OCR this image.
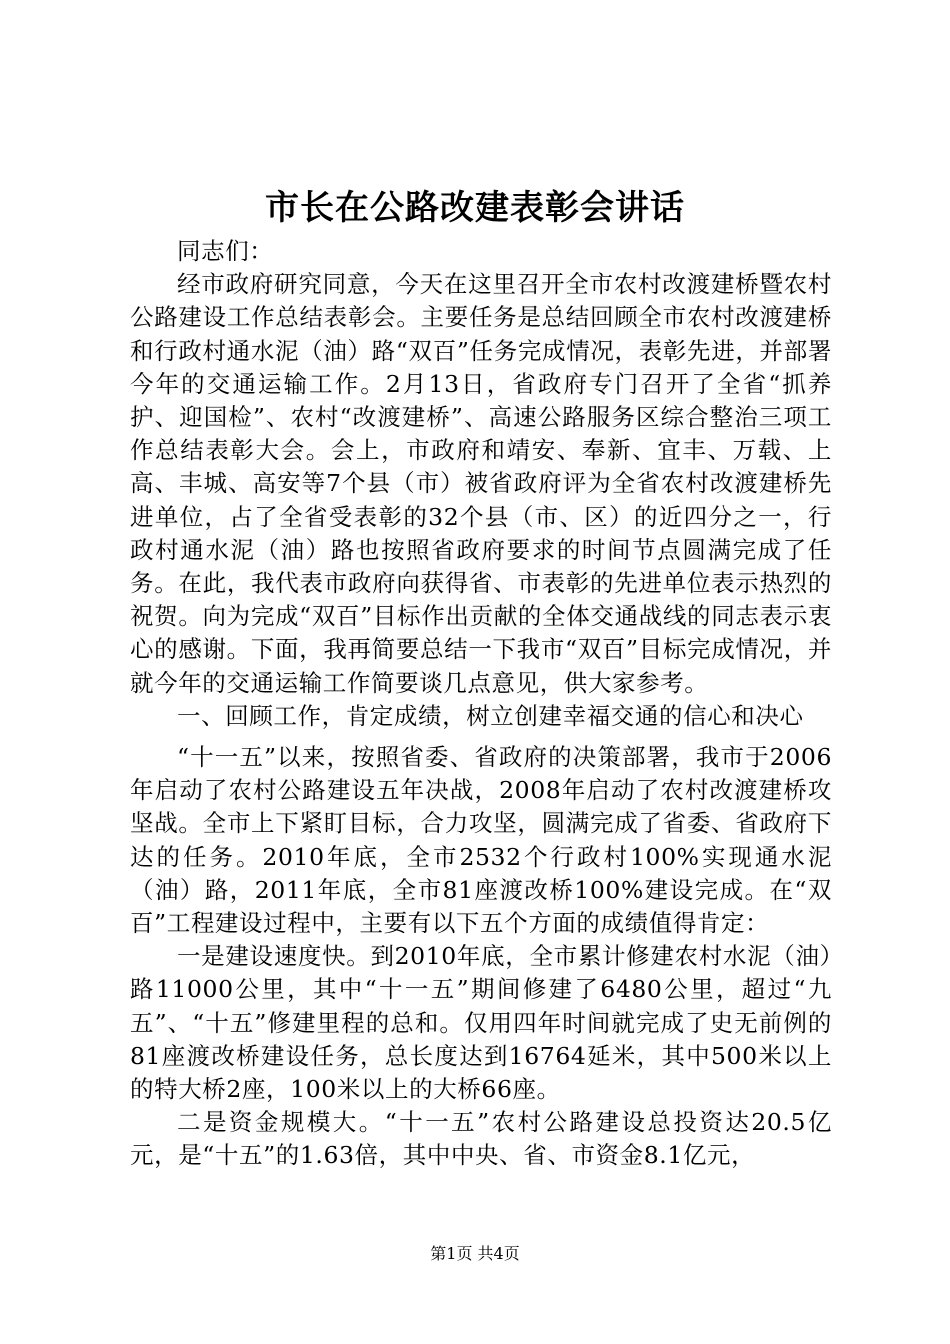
市长在公路改建表彰会讲话

同志们：

经市政府研究同意，今天在这里召开全市农村改渡建桥暨农村公路建设工作总结表彰会。主要任务是总结回顾全市农村改渡建桥和行政村通水泥（油）路“双百”任务完成情况，表彰先进，并部署今年的交通运输工作。2月13日，省政府专门召开了全省“抓养护、迎国检”、农村“改渡建桥”、高速公路服务区综合整治三项工作总结表彰大会。会上，市政府和靖安、奉新、宜丰、万载、上高、丰城、高安等7个县（市）被省政府评为全省农村改渡建桥先进单位，占了全省受表彰的32个县（市、区）的近四分之一，行政村通水泥（油）路也按照省政府要求的时间节点圆满完成了任务。在此，我代表市政府向获得省、市表彰的先进单位表示热烈的祝贺。向为完成“双百”目标作出贡献的全体交通战线的同志表示衷心的感谢。下面，我再简要总结一下我市“双百”目标完成情况，并就今年的交通运输工作简要谈几点意见，供大家参考。

一、回顾工作，肯定成绩，树立创建幸福交通的信心和决心

“十一五”以来，按照省委、省政府的决策部署，我市于2006年启动了农村公路建设五年决战，2008年启动了农村改渡建桥攻坚战。全市上下紧盯目标，合力攻坚，圆满完成了省委、省政府下达的任务。2010年底，全市2532个行政村100%实现通水泥（油）路，2011年底，全市81座渡改桥100%建设完成。在“双百”工程建设过程中，主要有以下五个方面的成绩值得肯定：

一是建设速度快。到2010年底，全市累计修建农村水泥（油）路11000公里，其中“十一五”期间修建了6480公里，超过“九五”、“十五”修建里程的总和。仅用四年时间就完成了史无前例的81座渡改桥建设任务，总长度达到16764延米，其中500米以上的特大桥2座，100米以上的大桥66座。

二是资金规模大。“十一五”农村公路建设总投资达20.5亿元，是“十五”的1.63倍，其中中央、省、市资金8.1亿元，

第1页 共4页
